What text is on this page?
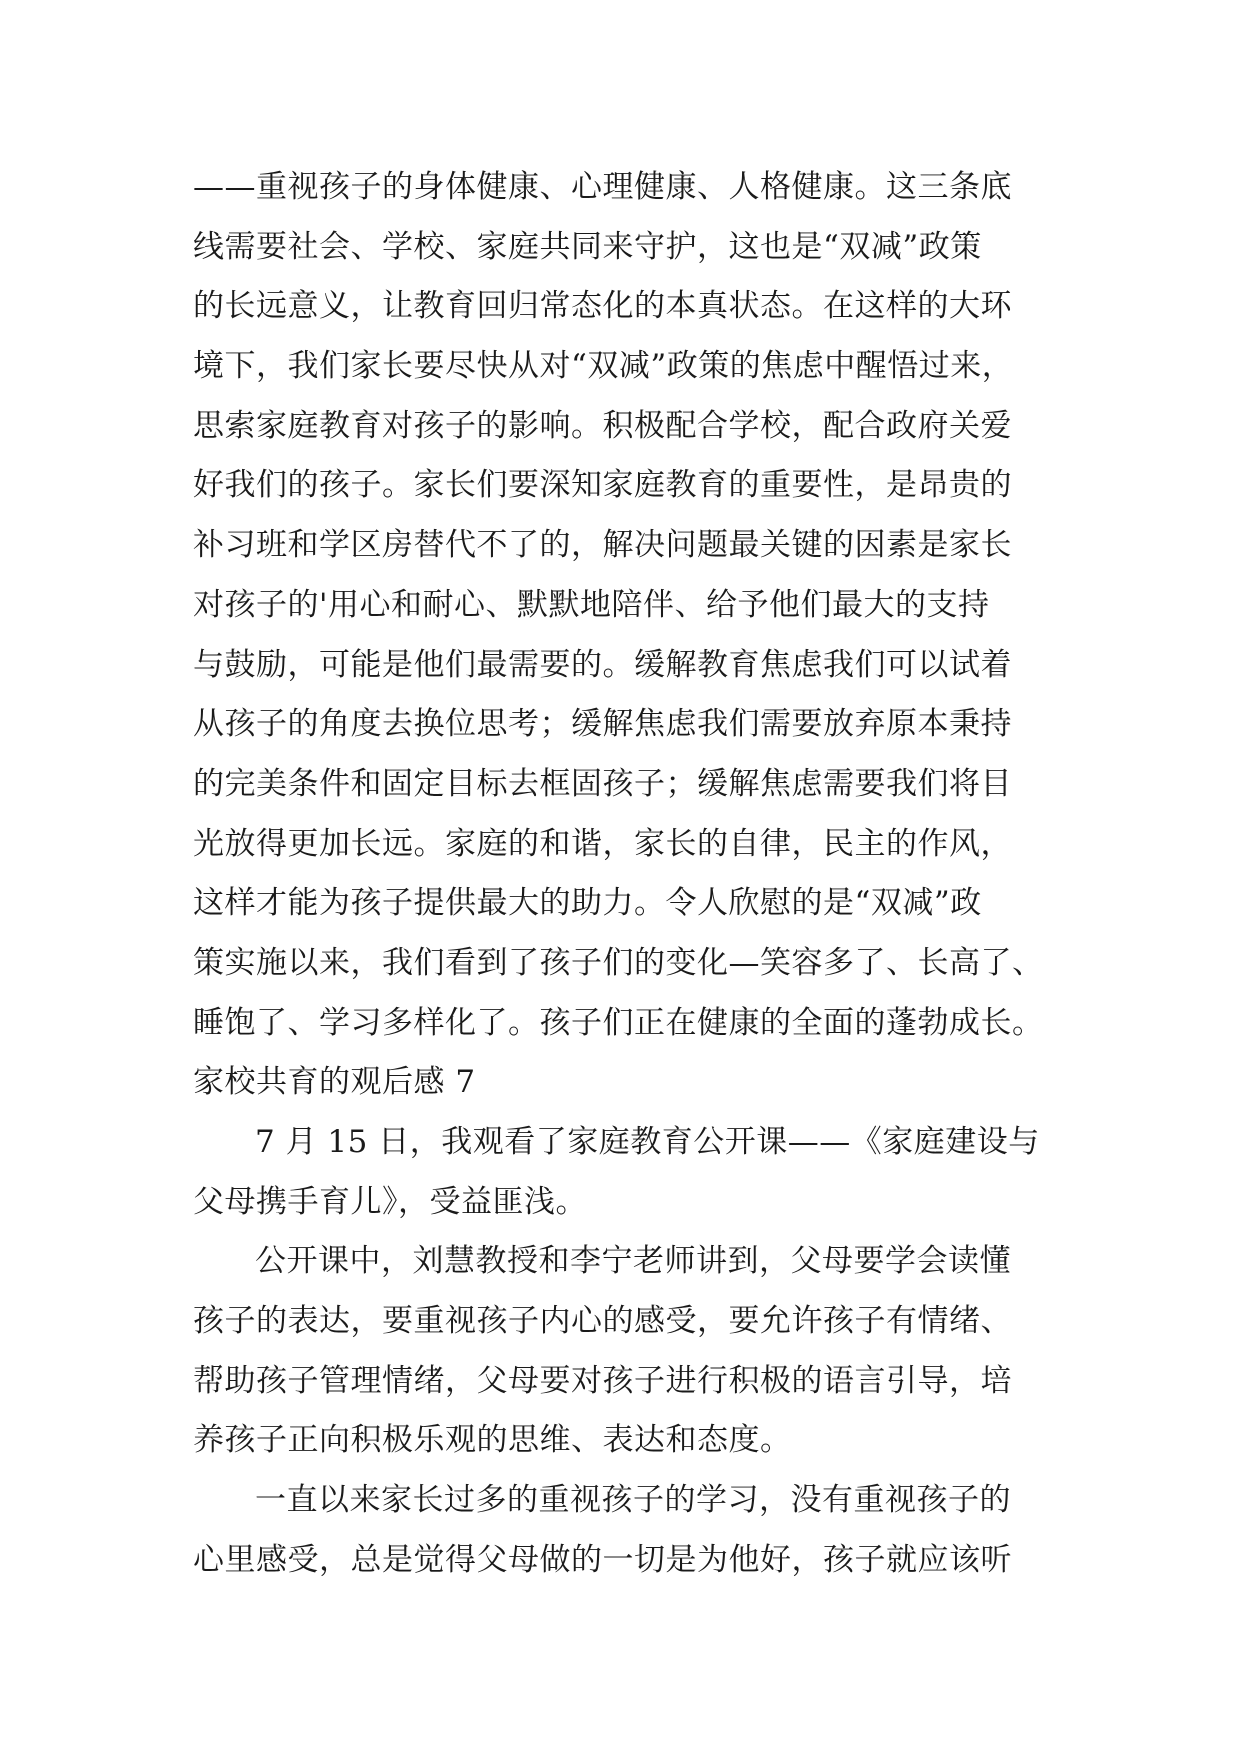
——重视孩子的身体健康、心理健康、人格健康。这三条底
线需要社会、学校、家庭共同来守护，这也是“双减”政策
的长远意义，让教育回归常态化的本真状态。在这样的大环
境下，我们家长要尽快从对“双减”政策的焦虑中醒悟过来，
思索家庭教育对孩子的影响。积极配合学校，配合政府关爱
好我们的孩子。家长们要深知家庭教育的重要性，是昂贵的
补习班和学区房替代不了的，解决问题最关键的因素是家长
对孩子的'用心和耐心、默默地陪伴、给予他们最大的支持
与鼓励，可能是他们最需要的。缓解教育焦虑我们可以试着
从孩子的角度去换位思考；缓解焦虑我们需要放弃原本秉持
的完美条件和固定目标去框固孩子；缓解焦虑需要我们将目
光放得更加长远。家庭的和谐，家长的自律，民主的作风，
这样才能为孩子提供最大的助力。令人欣慰的是“双减”政
策实施以来，我们看到了孩子们的变化—笑容多了、长高了、
睡饱了、学习多样化了。孩子们正在健康的全面的蓬勃成长。
家校共育的观后感 7
7 月 15 日，我观看了家庭教育公开课——《家庭建设与
父母携手育儿》，受益匪浅。
公开课中，刘慧教授和李宁老师讲到，父母要学会读懂
孩子的表达，要重视孩子内心的感受，要允许孩子有情绪、
帮助孩子管理情绪，父母要对孩子进行积极的语言引导，培
养孩子正向积极乐观的思维、表达和态度。
一直以来家长过多的重视孩子的学习，没有重视孩子的
心里感受，总是觉得父母做的一切是为他好，孩子就应该听
